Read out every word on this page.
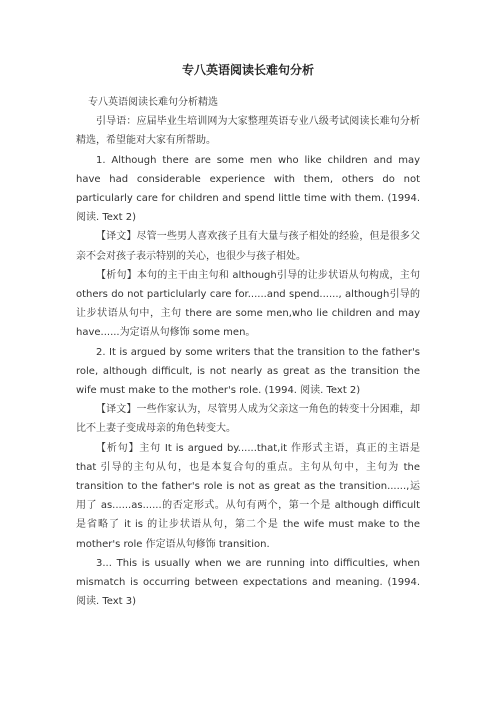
专八英语阅读长难句分析

专八英语阅读长难句分析精选

引导语：应届毕业生培训网为大家整理英语专业八级考试阅读长难句分析精选，希望能对大家有所帮助。

1. Although there are some men who like children and may have had considerable experience with them, others do not particularly care for children and spend little time with them. (1994. 阅读. Text 2)

【译文】尽管一些男人喜欢孩子且有大量与孩子相处的经验，但是很多父亲不会对孩子表示特别的关心，也很少与孩子相处。

【析句】本句的主干由主句和 although引导的让步状语从句构成，主句 others do not particlularly care for......and spend......, although引导的让步状语从句中，主句 there are some men,who lie children and may have......为定语从句修饰 some men。

2. It is argued by some writers that the transition to the father's role, although difficult, is not nearly as great as the transition the wife must make to the mother's role. (1994. 阅读. Text 2)

【译文】一些作家认为，尽管男人成为父亲这一角色的转变十分困难，却比不上妻子变成母亲的角色转变大。

【析句】主句 It is argued by......that,it 作形式主语，真正的主语是 that 引导的主句从句，也是本复合句的重点。主句从句中，主句为 the transition to the father's role is not as great as the transition......,运用了 as......as......的否定形式。从句有两个，第一个是 although difficult 是省略了 it is 的让步状语从句，第二个是 the wife must make to the mother's role 作定语从句修饰 transition.

3... This is usually when we are running into difficulties, when mismatch is occurring between expectations and meaning. (1994. 阅读. Text 3)
